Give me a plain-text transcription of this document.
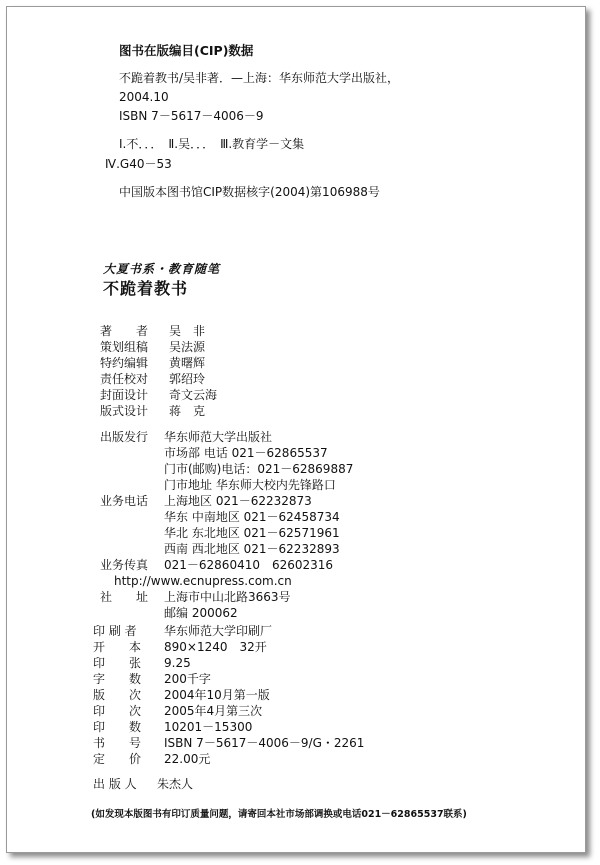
图书在版编目(CIP)数据
不跪着教书/吴非著．—上海：华东师范大学出版社，
2004.10
ISBN 7－5617－4006－9
Ⅰ.不．．．　Ⅱ.吴．．．　Ⅲ.教育学－文集
Ⅳ.G40－53
中国版本图书馆CIP数据核字(2004)第106988号
大夏书系・教育随笔
不跪着教书
著　　者 吴　非
策划组稿 吴法源
特约编辑 黄曙辉
责任校对 郭绍玲
封面设计 奇文云海
版式设计 蒋　克
出版发行 华东师范大学出版社
市场部 电话 021－62865537
门市(邮购)电话：021－62869887
门市地址 华东师大校内先锋路口
业务电话 上海地区 021－62232873
华东 中南地区 021－62458734
华北 东北地区 021－62571961
西南 西北地区 021－62232893
业务传真 021－62860410　62602316
http://www.ecnupress.com.cn
社　　址 上海市中山北路3663号
邮编 200062
印 刷 者 华东师范大学印刷厂
开　　本 890×1240　32开
印　　张 9.25
字　　数 200千字
版　　次 2004年10月第一版
印　　次 2005年4月第三次
印　　数 10201－15300
书　　号 ISBN 7－5617－4006－9/G・2261
定　　价 22.00元
出 版 人 朱杰人
(如发现本版图书有印订质量问题，请寄回本社市场部调换或电话021－62865537联系)
